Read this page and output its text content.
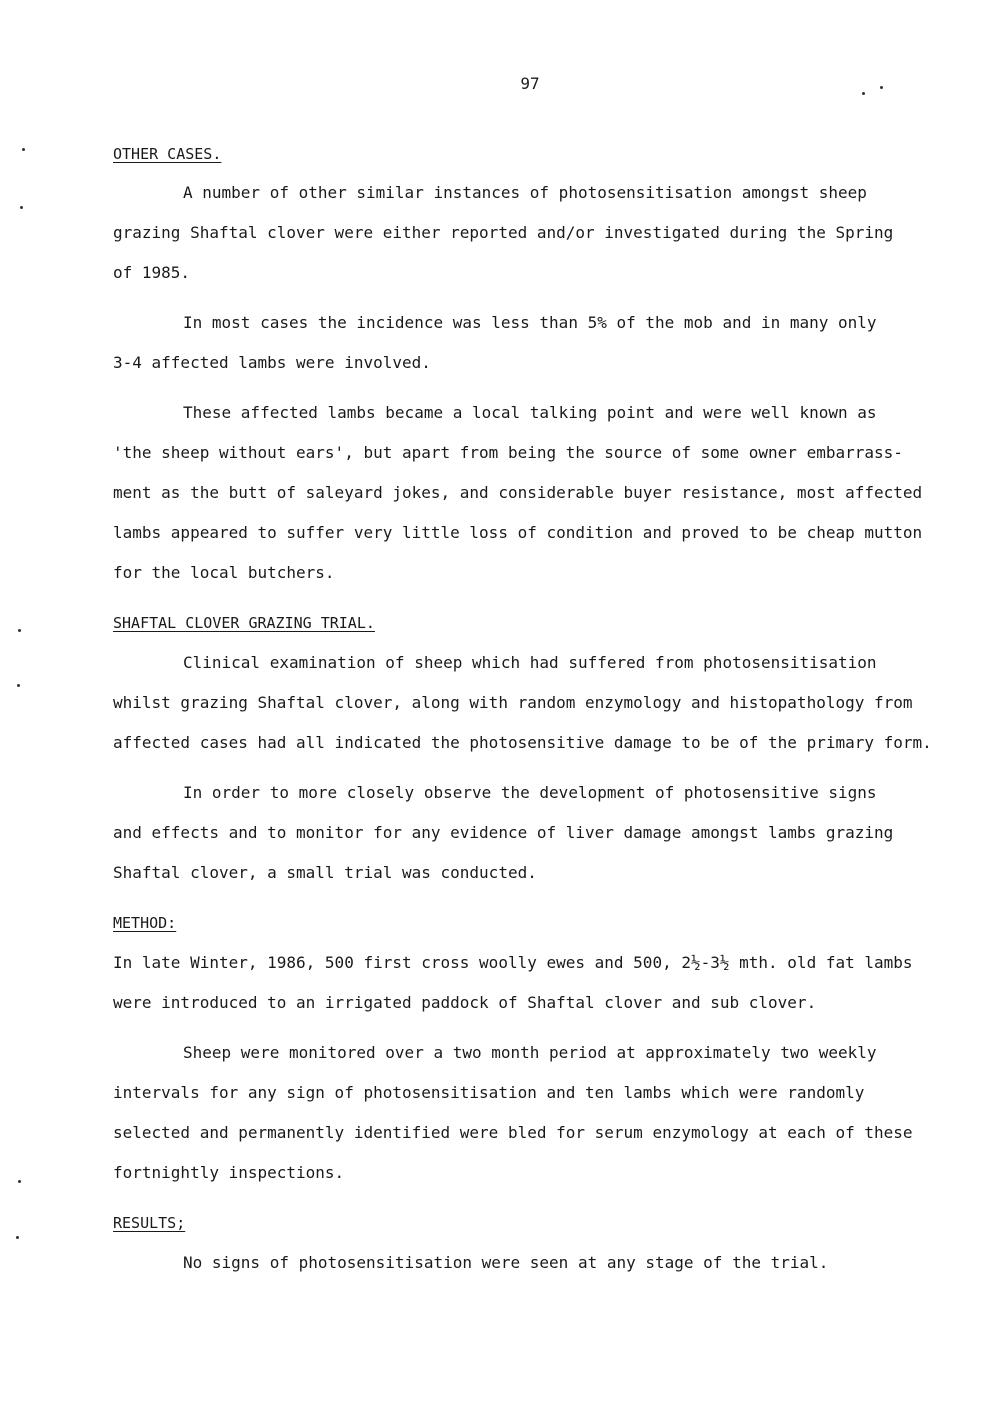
97
OTHER CASES.
A number of other similar instances of photosensitisation amongst sheep
grazing Shaftal clover were either reported and/or investigated during the Spring
of 1985.
In most cases the incidence was less than 5% of the mob and in many only
3-4 affected lambs were involved.
These affected lambs became a local talking point and were well known as
'the sheep without ears', but apart from being the source of some owner embarrass-
ment as the butt of saleyard jokes, and considerable buyer resistance, most affected
lambs appeared to suffer very little loss of condition and proved to be cheap mutton
for the local butchers.
SHAFTAL CLOVER GRAZING TRIAL.
Clinical examination of sheep which had suffered from photosensitisation
whilst grazing Shaftal clover, along with random enzymology and histopathology from
affected cases had all indicated the photosensitive damage to be of the primary form.
In order to more closely observe the development of photosensitive signs
and effects and to monitor for any evidence of liver damage amongst lambs grazing
Shaftal clover, a small trial was conducted.
METHOD:
In late Winter, 1986, 500 first cross woolly ewes and 500, 2½-3½ mth. old fat lambs
were introduced to an irrigated paddock of Shaftal clover and sub clover.
Sheep were monitored over a two month period at approximately two weekly
intervals for any sign of photosensitisation and ten lambs which were randomly
selected and permanently identified were bled for serum enzymology at each of these
fortnightly inspections.
RESULTS;
No signs of photosensitisation were seen at any stage of the trial.
